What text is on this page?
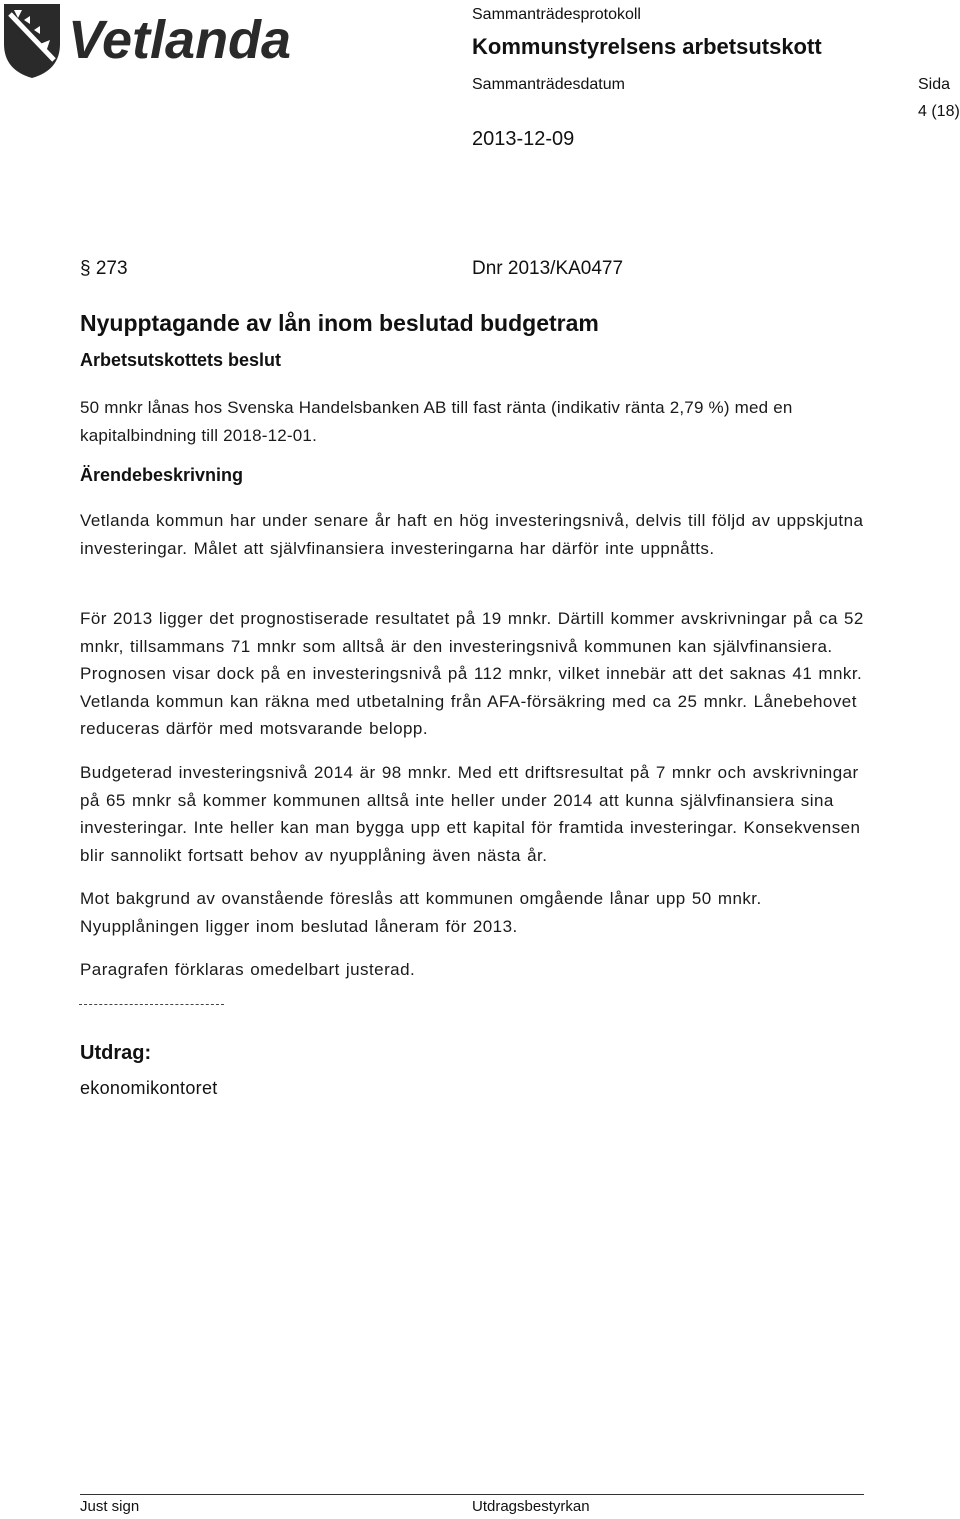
Vetlanda	Sammanträdesprotokoll
Kommunstyrelsens arbetsutskott
Sammanträdesdatum	Sida
4 (18)
2013-12-09
§ 273	Dnr 2013/KA0477
Nyupptagande av lån inom beslutad budgetram
Arbetsutskottets beslut
50 mnkr lånas hos Svenska Handelsbanken AB till fast ränta (indikativ ränta 2,79 %) med en kapitalbindning till 2018-12-01.
Ärendebeskrivning
Vetlanda kommun har under senare år haft en hög investeringsnivå, delvis till följd av uppskjutna investeringar. Målet att självfinansiera investeringarna har därför inte uppnåtts.
För 2013 ligger det prognostiserade resultatet på 19 mnkr. Därtill kommer avskrivningar på ca 52 mnkr, tillsammans 71 mnkr som alltså är den investeringsnivå kommunen kan självfinansiera. Prognosen visar dock på en investeringsnivå på 112 mnkr, vilket innebär att det saknas 41 mnkr. Vetlanda kommun kan räkna med utbetalning från AFA-försäkring med ca 25 mnkr. Lånebehovet reduceras därför med motsvarande belopp.
Budgeterad investeringsnivå 2014 är 98 mnkr. Med ett driftsresultat på 7 mnkr och avskrivningar på 65 mnkr så kommer kommunen alltså inte heller under 2014 att kunna självfinansiera sina investeringar. Inte heller kan man bygga upp ett kapital för framtida investeringar. Konsekvensen blir sannolikt fortsatt behov av nyupplåning även nästa år.
Mot bakgrund av ovanstående föreslås att kommunen omgående lånar upp 50 mnkr. Nyupplåningen ligger inom beslutad låneram för 2013.
Paragrafen förklaras omedelbart justerad.
Utdrag:
ekonomikontoret
Just sign	Utdragsbestyrkan
